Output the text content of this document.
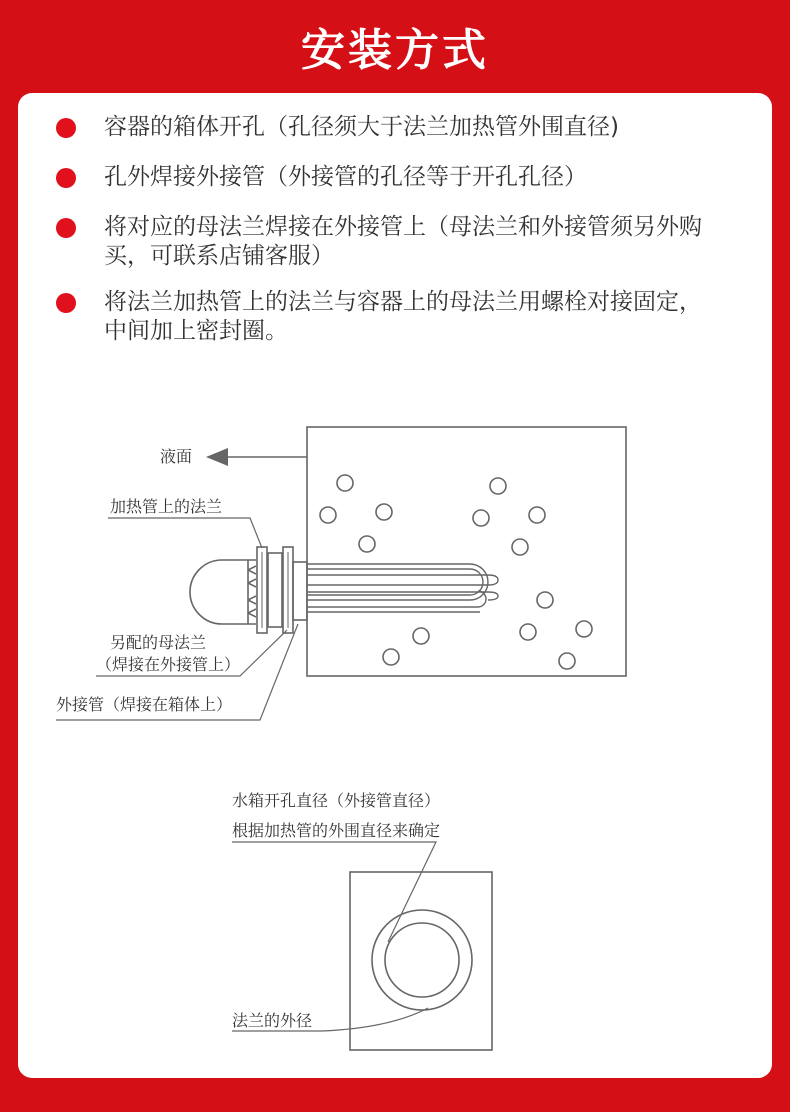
安装方式
容器的箱体开孔（孔径须大于法兰加热管外围直径)
孔外焊接外接管（外接管的孔径等于开孔孔径）
将对应的母法兰焊接在外接管上（母法兰和外接管须另外购买，可联系店铺客服）
将法兰加热管上的法兰与容器上的母法兰用螺栓对接固定，中间加上密封圈。
液面
加热管上的法兰
另配的母法兰
（焊接在外接管上）
外接管（焊接在箱体上）
水箱开孔直径（外接管直径）
根据加热管的外围直径来确定
法兰的外径
